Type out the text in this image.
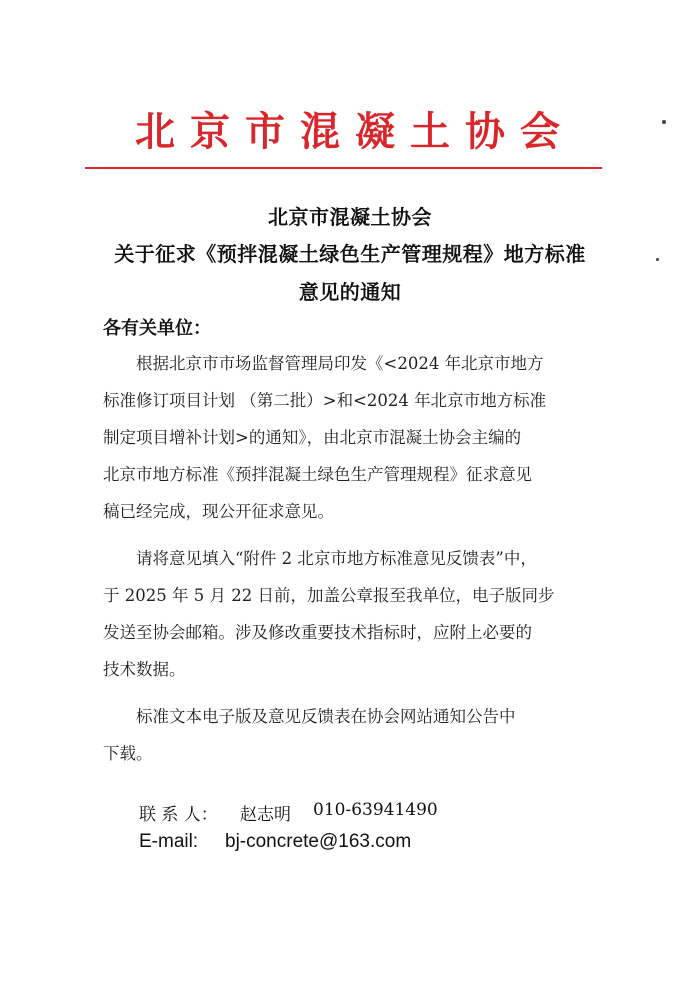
北京市混凝土协会
北京市混凝土协会
关于征求《预拌混凝土绿色生产管理规程》地方标准
意见的通知
各有关单位：
根据北京市市场监督管理局印发《<2024 年北京市地方
标准修订项目计划 （第二批）>和<2024 年北京市地方标准
制定项目增补计划>的通知》，由北京市混凝土协会主编的
北京市地方标准《预拌混凝土绿色生产管理规程》征求意见
稿已经完成，现公开征求意见。
请将意见填入“附件 2 北京市地方标准意见反馈表”中，
于 2025 年 5 月 22 日前，加盖公章报至我单位，电子版同步
发送至协会邮箱。涉及修改重要技术指标时，应附上必要的
技术数据。
标准文本电子版及意见反馈表在协会网站通知公告中
下载。
联 系 人： 赵志明 010-63941490
E-mail: bj-concrete@163.com
